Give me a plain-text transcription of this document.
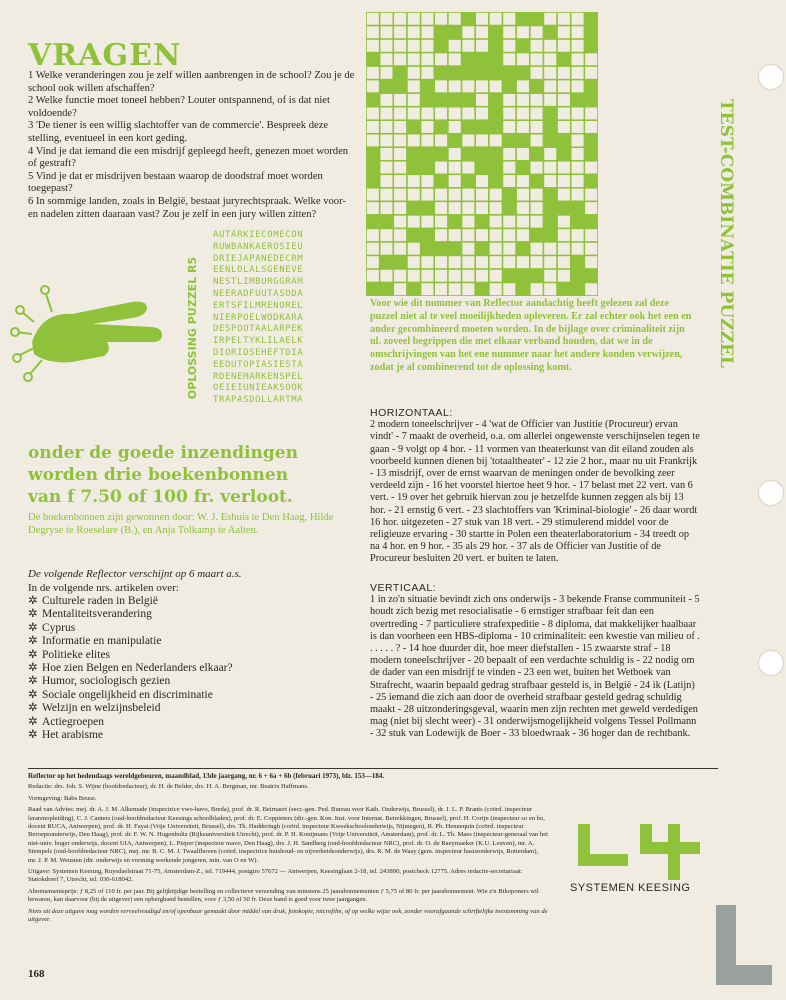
VRAGEN

1 Welke veranderingen zou je zelf willen aanbrengen in de school? Zou je de school ook willen afschaffen?

2 Welke functie moet toneel hebben? Louter ontspannend, of is dat niet voldoende?

3 'De tiener is een willig slachtoffer van de commercie'. Bespreek deze stelling, eventueel in een kort geding.

4 Vind je dat iemand die een misdrijf gepleegd heeft, genezen moet worden of gestraft?

5 Vind je dat er misdrijven bestaan waarop de doodstraf moet worden toegepast?

6 In sommige landen, zoals in België, bestaat juryrechtspraak. Welke voor- en nadelen zitten daaraan vast? Zou je zelf in een jury willen zitten?	TEST-COMBINATIE PUZZEL
Voor wie dit nummer van Reflector aandachtig heeft gelezen zal deze puzzel niet al te veel moeilijkheden opleveren. Er zal echter ook het een en ander gecombineerd moeten worden. In de bijlage over criminaliteit zijn nl. zoveel begrippen die met elkaar verband houden, dat we in de omschrijvingen van het ene nummer naar het andere konden verwijzen, zodat je al combinerend tot de oplossing komt.
OPLOSSING PUZZEL R5
AUTARKIECOMECON
RUWBANKAEROSIEU
DRIEJAPANEDECRM
EENLOLALSGENEVE
NESTLIMBURGGRAM
NEERADFUUTASODA
ERTSFILMRENOREL
NIERPOELWODKARA
DESPOOTAALARPEK
IRPELTYKLILAELK
DIORIDSEHEFTDIA
EEDUTOPIASIESTA
RDENEMARKENSPEL
OEIEIUNIEAKSOOK
TRAPASDOLLARTMA
onder de goede inzendingen
worden drie boekenbonnen
van f 7.50 of 100 fr. verloot.
De boekenbonnen zijn gewonnen door: W. J. Eshuis te Den Haag, Hilde Degryse te Roeselare (B.), en Anja Tolkamp te Aalten.
De volgende Reflector verschijnt op 6 maart a.s.
In de volgende nrs. artikelen over:
✲ Culturele raden in België
✲ Mentaliteitsverandering
✲ Cyprus
✲ Informatie en manipulatie
✲ Politieke elites
✲ Hoe zien Belgen en Nederlanders elkaar?
✲ Humor, sociologisch gezien
✲ Sociale ongelijkheid en discriminatie
✲ Welzijn en welzijnsbeleid
✲ Actiegroepen
✲ Het arabisme
HORIZONTAAL:
2 modern toneelschrijver - 4 'wat de Officier van Justitie (Procureur) ervan vindt' - 7 maakt de overheid, o.a. om allerlei ongewenste verschijnselen tegen te gaan - 9 volgt op 4 hor. - 11 vormen van theaterkunst van dit eiland zouden als voorbeeld kunnen dienen bij 'totaaltheater' - 12 zie 2 hor., maar nu uit Frankrijk - 13 misdrijf, over de ernst waarvan de meningen onder de bevolking zeer verdeeld zijn - 16 het voorstel hiertoe heet 9 hor. - 17 belast met 22 vert. van 6 vert. - 19 over het gebruik hiervan zou je hetzelfde kunnen zeggen als bij 13 hor. - 21 ernstig 6 vert. - 23 slachtoffers van 'Kriminal-biologie' - 26 daar wordt 16 hor. uitgezeten - 27 stuk van 18 vert. - 29 stimulerend middel voor de religieuze ervaring - 30 startte in Polen een theaterlaboratorium - 34 treedt op na 4 hor. en 9 hor. - 35 als 29 hor. - 37 als de Officier van Justitie of de Procureur besluiten 20 vert. er buiten te laten.
VERTICAAL:
1 in zo'n situatie bevindt zich ons onderwijs - 3 bekende Franse communiteit - 5 houdt zich bezig met resocialisatie - 6 ernstiger strafbaar feit dan een overtreding - 7 particuliere strafexpeditie - 8 diploma, dat makkelijker haalbaar is dan voorheen een HBS-diploma - 10 criminaliteit: een kwestie van milieu of . . . . . . ? - 14 hoe duurder dit, hoe meer diefstallen - 15 zwaarste straf - 18 modern toneelschrijver - 20 bepaalt of een verdachte schuldig is - 22 nodig om de dader van een misdrijf te vinden - 23 een wet, buiten het Wetboek van Strafrecht, waarin bepaald gedrag strafbaar gesteld is, in België - 24 ik (Latijn) - 25 iemand die zich aan door de overheid strafbaar gesteld gedrag schuldig maakt - 28 uitzonderingsgeval, waarin men zijn rechten met geweld verdedigen mag (niet bij slecht weer) - 31 onderwijsmogelijkheid volgens Tessel Pollmann - 32 stuk van Lodewijk de Boer - 33 bloedwraak - 36 hoger dan de rechtbank.

Reflector op het hedendaags wereldgebeuren, maandblad, 13de jaargang, nr. 6 + 6a + 6b (februari 1973), blz. 153—184.

Redactie: drs. Joh. S. Wijne (hoofdredacteur), dr. H. de Belder, drs. H. A. Bergman, mr. Beatrix Haffmans.

Vormgeving: Babs Beuse.

Raad van Advies: mej. dr. A. J. M. Alkemade (inspectrice vwo-havo, Breda), prof. dr. R. Beirnaert (secr.-gen. Ped. Bureau voor Kath. Onderwijs, Brussel), dr. J. L. P. Brants (coörd. inspecteur lerarenopleiding), C. J. Canters (oud-hoofdredacteur Keesings schoolbladen), prof. dr. E. Coppieters (dir.-gen. Kon. Inst. voor Internat. Betrekkingen, Brussel), prof. H. Corijn (inspecteur so en ho, docent RUCA, Antwerpen), prof. dr. H. Fayat (Vrije Universiteit, Brussel), drs. Th. Hadderingh (coörd. inspecteur Kweekschoolonderwijs, Nijmegen), R. Ph. Hennequin (coörd. inspecteur Beroepsonderwijs, Den Haag), prof. dr. F. W. N. Hugenholtz (Rijksuniversiteit Utrecht), prof. dr. P. H. Konijmans (Vrije Universiteit, Amsterdam), prof. dr. L. Th. Maes (inspecteur-generaal van het niet-univ. hoger onderwijs, docent UIA, Antwerpen), L. Pieper (inspecteur mavo, Den Haag), drs. J. H. Sandberg (oud-hoofdredacteur NRC), prof. dr. O. de Raeymaeker (K.U. Leuven), mr. A. Stempels (oud-hoofdredacteur NRC), mej. mr. B. C. M. J. Twaalfhoven (coörd. inspectrice huishoud- en nijverheidsonderwijs), drs. R. M. de Waay (gem. inspecteur basisonderwijs, Rotterdam), mr. J. P. M. Weusten (dir. onderwijs en vorming werkende jongeren, min. van O en W).

Uitgave: Systemen Keesing, Ruysdaelstraat 71-75, Amsterdam-Z., tel. 719444, postgiro 57672 — Antwerpen, Keesinglaan 2-18, tel. 243890, postcheck 12775. Adres redactie-secretariaat: Statokdreef 7, Utrecht, tel. 030-618042.

Abonnementsprijs: ƒ 8,25 of 110 fr. per jaar. Bij gelijktijdige bestelling en collectieve verzending van minstens 25 jaarabonnementen ƒ 5,75 of 80 fr. per jaarabonnement. Wie z'n Bikoponers wil bewaren, kan daarvoor (bij de uitgever) een opbergband bestellen, voor ƒ 3,50 of 50 fr. Deze band is goed voor twee jaargangen.

Niets uit deze uitgave mag worden verveelvoudigd en/of openbaar gemaakt door middel van druk, fotokopie, microfilm, of op welke wijze ook, zonder voorafgaande schriftelijke toestemming van de uitgever.

SYSTEMEN KEESING
168
